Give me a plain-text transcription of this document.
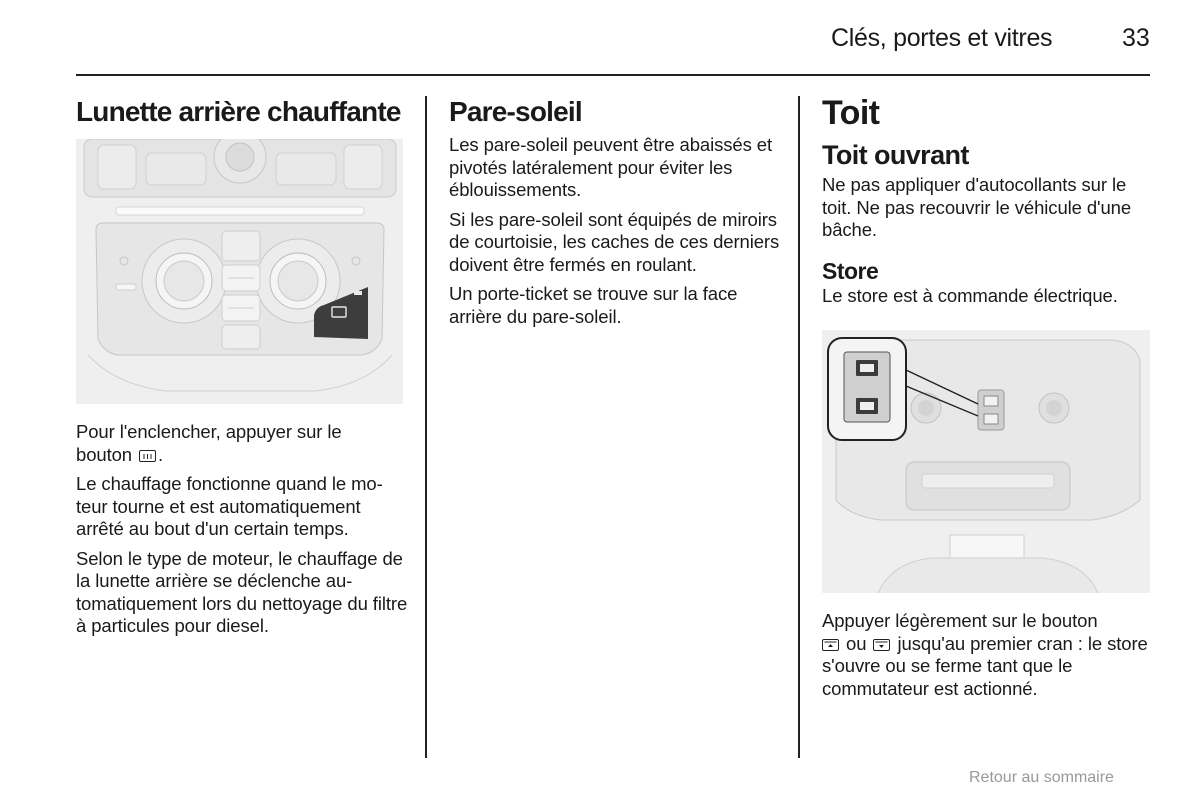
Clés, portes et vitres	33
Lunette arrière chauffante

Pour l'enclencher, appuyer sur le
bouton .

Le chauffage fonctionne quand le moteur tourne et est automatiquement arrêté au bout d'un certain temps.

Selon le type de moteur, le chauffage de la lunette arrière se déclenche automatiquement lors du nettoyage du filtre à particules pour diesel.

Pare-soleil

Les pare-soleil peuvent être abaissés et pivotés latéralement pour éviter les éblouissements.

Si les pare-soleil sont équipés de miroirs de courtoisie, les caches de ces derniers doivent être fermés en roulant.

Un porte-ticket se trouve sur la face arrière du pare-soleil.

Toit
Toit ouvrant

Ne pas appliquer d'autocollants sur le toit. Ne pas recouvrir le véhicule d'une bâche.

Store

Le store est à commande électrique.

Appuyer légèrement sur le bouton

ou jusqu'au premier cran : le store s'ouvre ou se ferme tant que le commutateur est actionné.

Retour au sommaire
